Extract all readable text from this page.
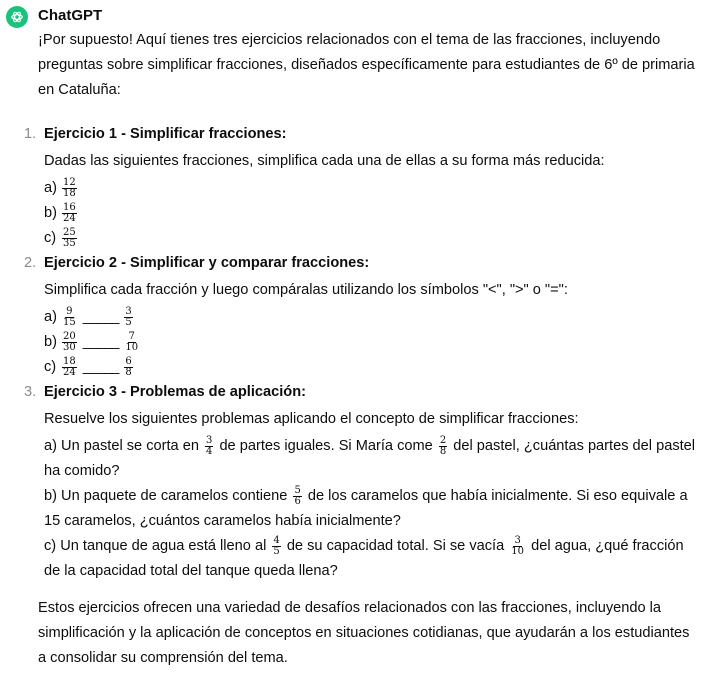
ChatGPT

¡Por supuesto! Aquí tienes tres ejercicios relacionados con el tema de las fracciones, incluyendo preguntas sobre simplificar fracciones, diseñados específicamente para estudiantes de 6º de primaria en Cataluña:

1. Ejercicio 1 - Simplificar fracciones:
Dadas las siguientes fracciones, simplifica cada una de ellas a su forma más reducida:
$a) \frac{12}{18}$
$b) \frac{16}{24}$
$c) \frac{25}{35}$
2. Ejercicio 2 - Simplificar y comparar fracciones:
Simplifica cada fracción y luego compáralas utilizando los símbolos "<", ">" o "=":
$a) \frac{9}{15}$ _____ $\frac{3}{5}$
$b) \frac{20}{30}$ _____ $\frac{7}{10}$
$c) \frac{18}{24}$ _____ $\frac{6}{8}$
3. Ejercicio 3 - Problemas de aplicación:
Resuelve los siguientes problemas aplicando el concepto de simplificar fracciones:
a) Un pastel se corta en $\frac{3}{4}$ de partes iguales. Si María come $\frac{2}{8}$ del pastel, ¿cuántas partes del pastel ha comido?
b) Un paquete de caramelos contiene $\frac{5}{6}$ de los caramelos que había inicialmente. Si eso equivale a 15 caramelos, ¿cuántos caramelos había inicialmente?
c) Un tanque de agua está lleno al $\frac{4}{5}$ de su capacidad total. Si se vacía $\frac{3}{10}$ del agua, ¿qué fracción de la capacidad total del tanque queda llena?

Estos ejercicios ofrecen una variedad de desafíos relacionados con las fracciones, incluyendo la simplificación y la aplicación de conceptos en situaciones cotidianas, que ayudarán a los estudiantes a consolidar su comprensión del tema.
